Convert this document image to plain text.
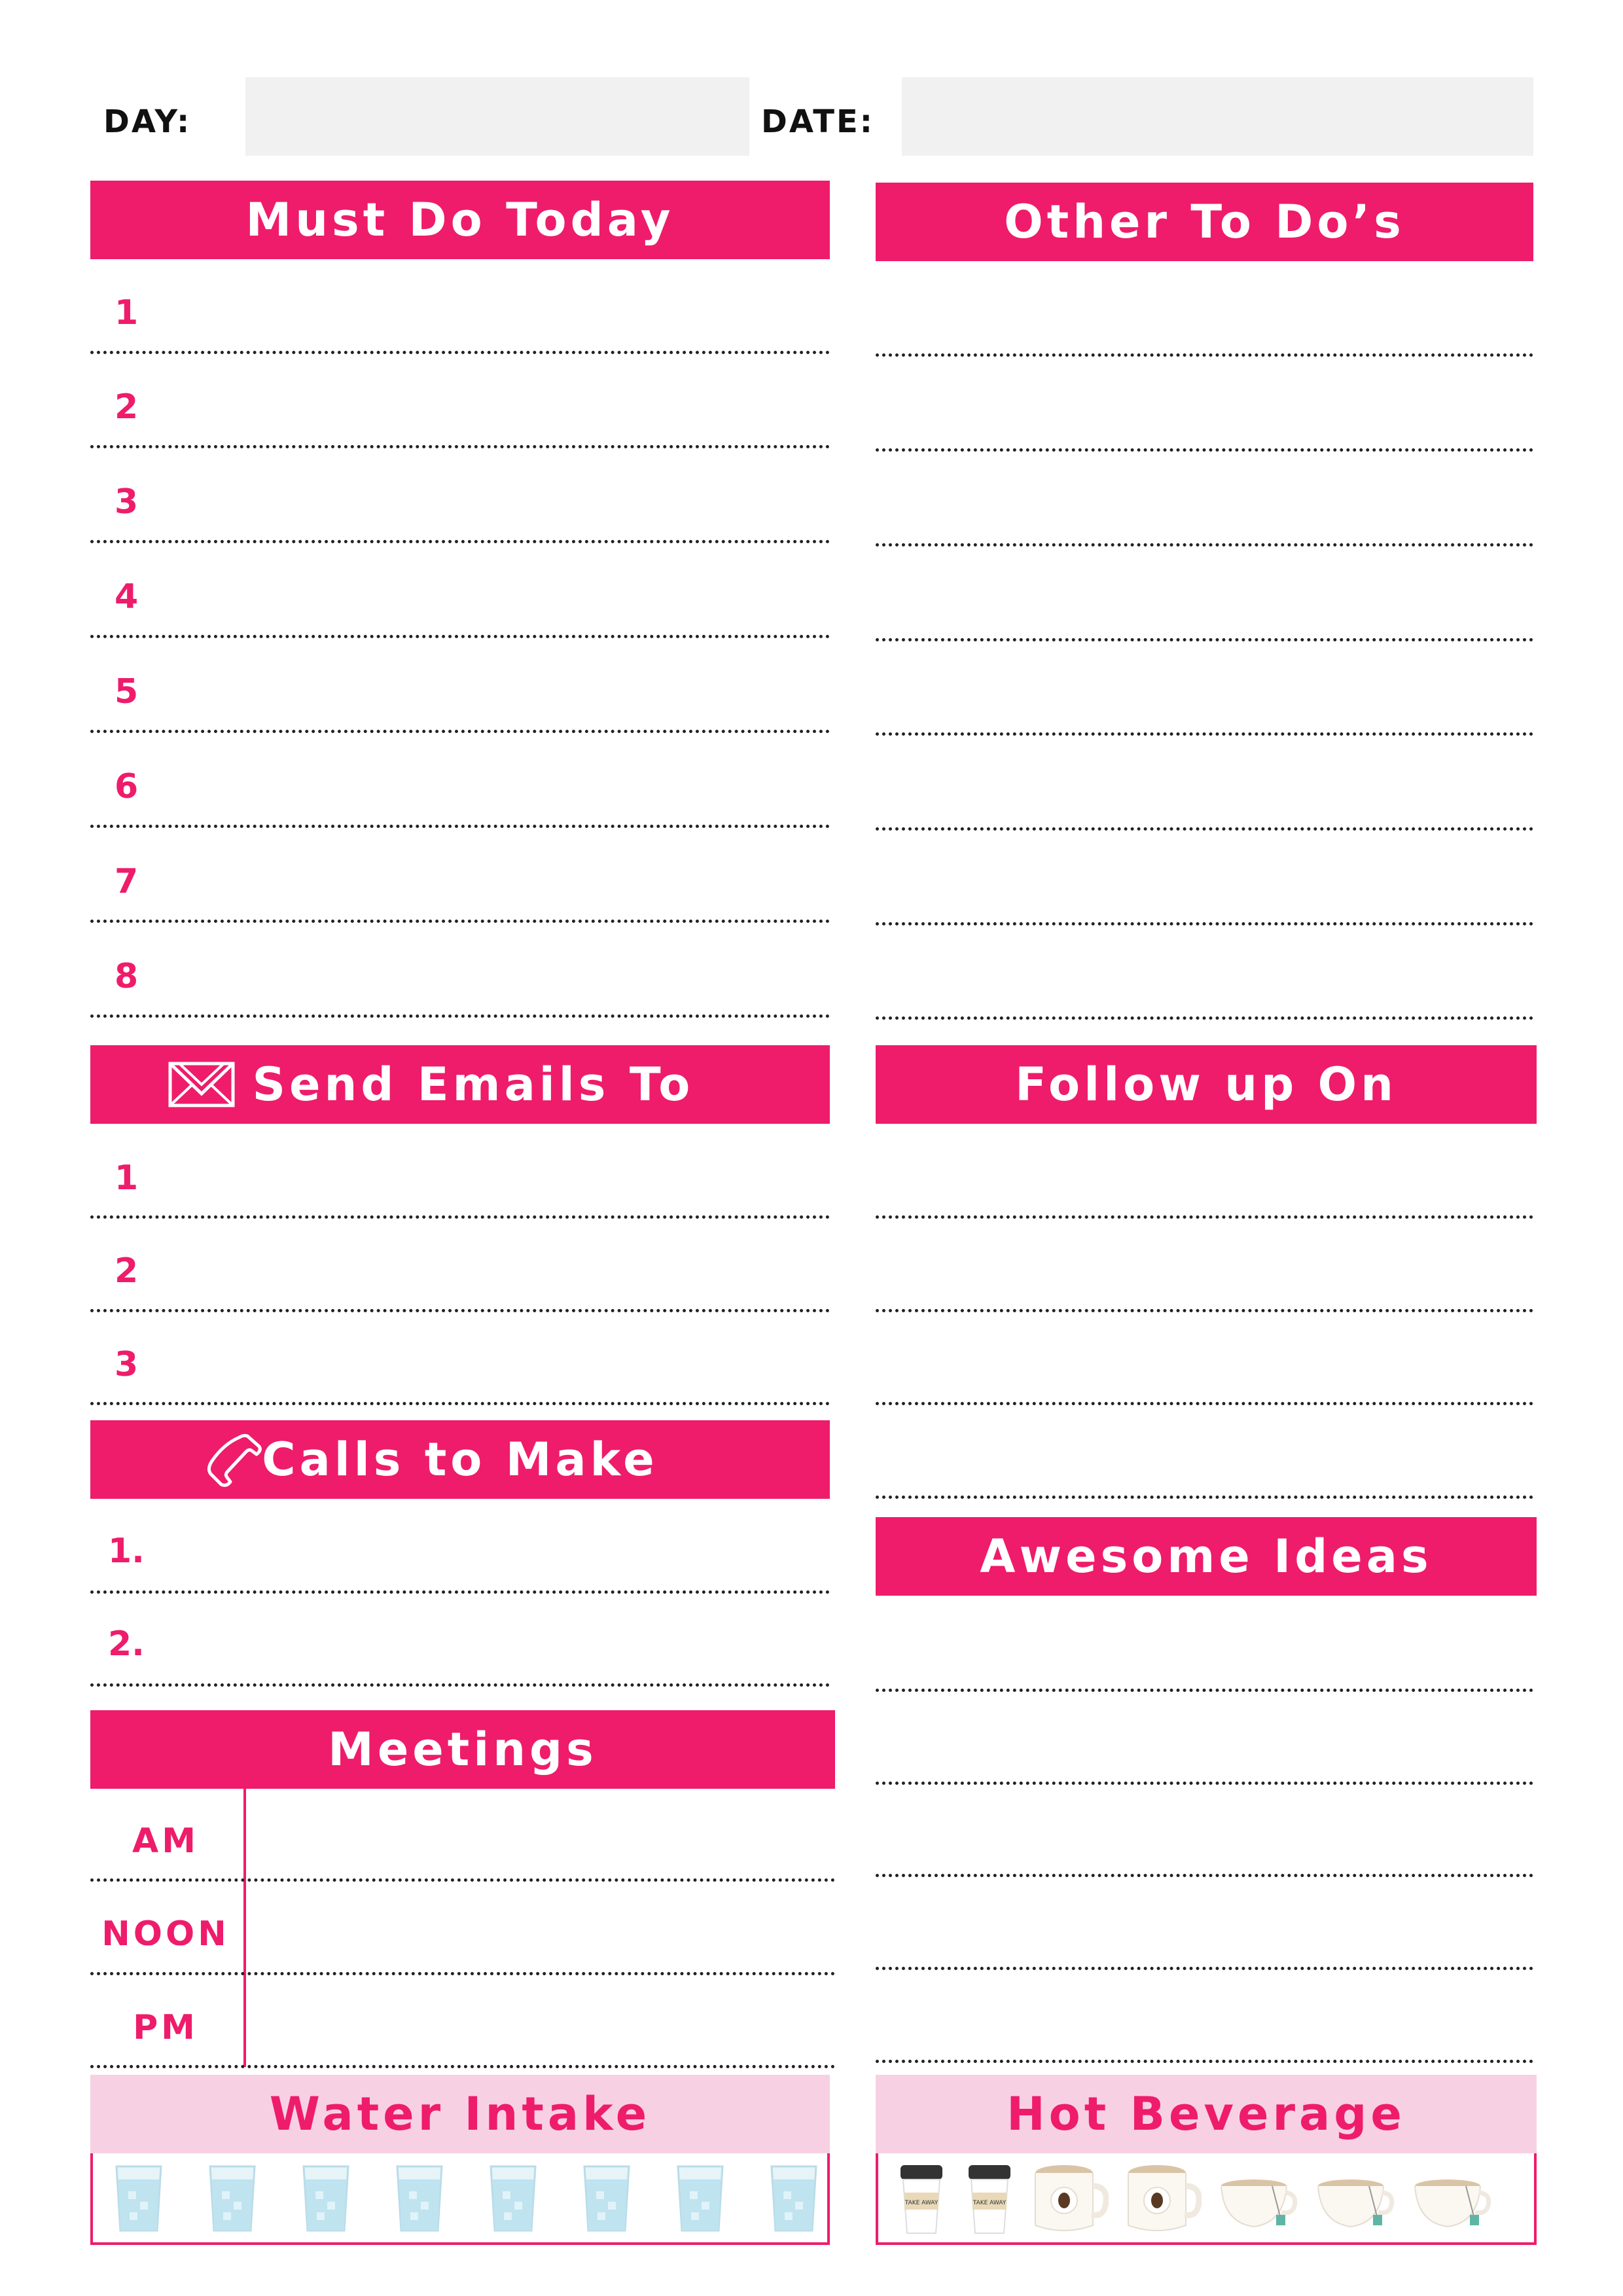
DAY:	DATE:
Must Do Today
1
2
3
4
5
6
7
8
Other To Do’s
Send Emails To
1
2
3
Follow up On
Calls to Make
1.
2.
Awesome Ideas
Meetings
AM
NOON
PM
Water Intake	Hot Beverage
TAKE AWAY	TAKE AWAY
